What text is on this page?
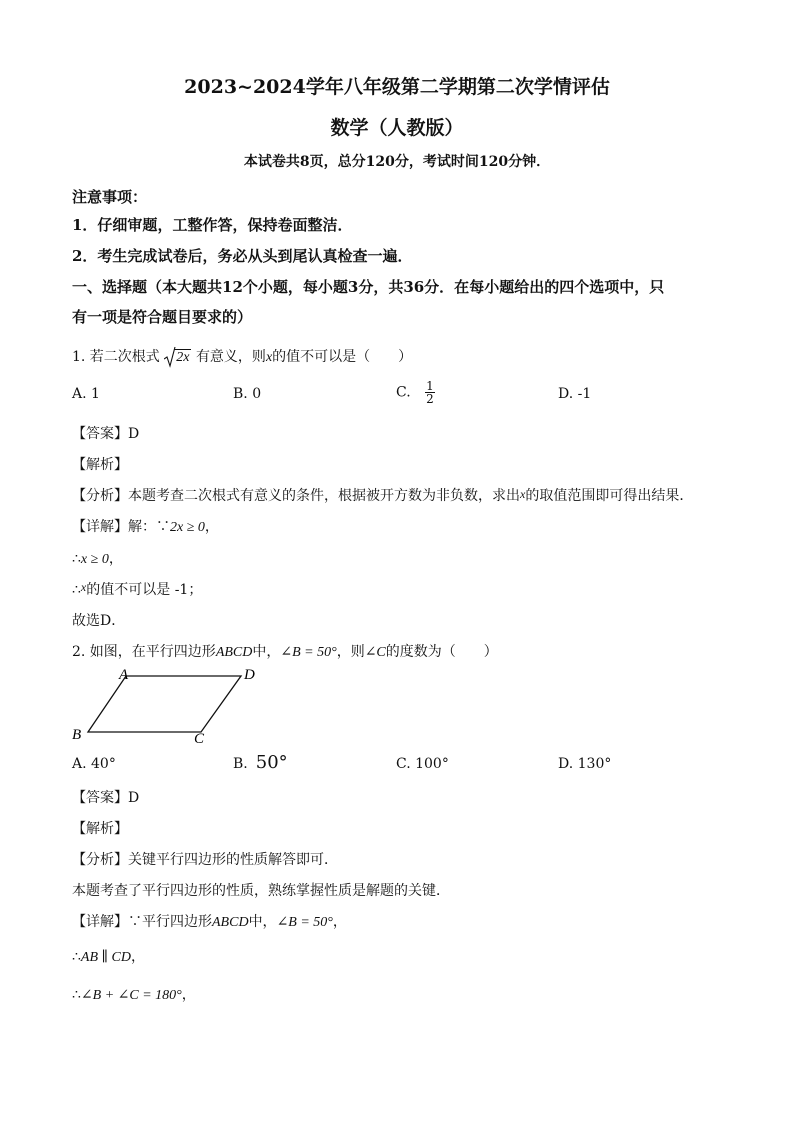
2023~2024学年八年级第二学期第二次学情评估
数学（人教版）
本试卷共8页，总分120分，考试时间120分钟．
注意事项：
1．仔细审题，工整作答，保持卷面整洁．
2．考生完成试卷后，务必从头到尾认真检查一遍．
一、选择题（本大题共12个小题，每小题3分，共36分．在每小题给出的四个选项中，只
有一项是符合题目要求的）
1. 若二次根式 2x 有意义，则x的值不可以是（　　）
A. 1	B. 0	C. $\frac{1}{2}$	D. -1
【答案】D
【解析】
【分析】本题考查二次根式有意义的条件，根据被开方数为非负数，求出x的取值范围即可得出结果．
【详解】解：∵2x ≥ 0，
∴x ≥ 0，
∴x的值不可以是 -1；
故选D．
2. 如图，在平行四边形ABCD中，∠B = 50°，则∠C的度数为（　　）
A	D
B	C
A. 40°	B. 50°	C. 100°	D. 130°
【答案】D
【解析】
【分析】关键平行四边形的性质解答即可．
本题考查了平行四边形的性质，熟练掌握性质是解题的关键．
【详解】∵平行四边形ABCD中，∠B = 50°，
∴AB ∥ CD，
∴∠B + ∠C = 180°，
